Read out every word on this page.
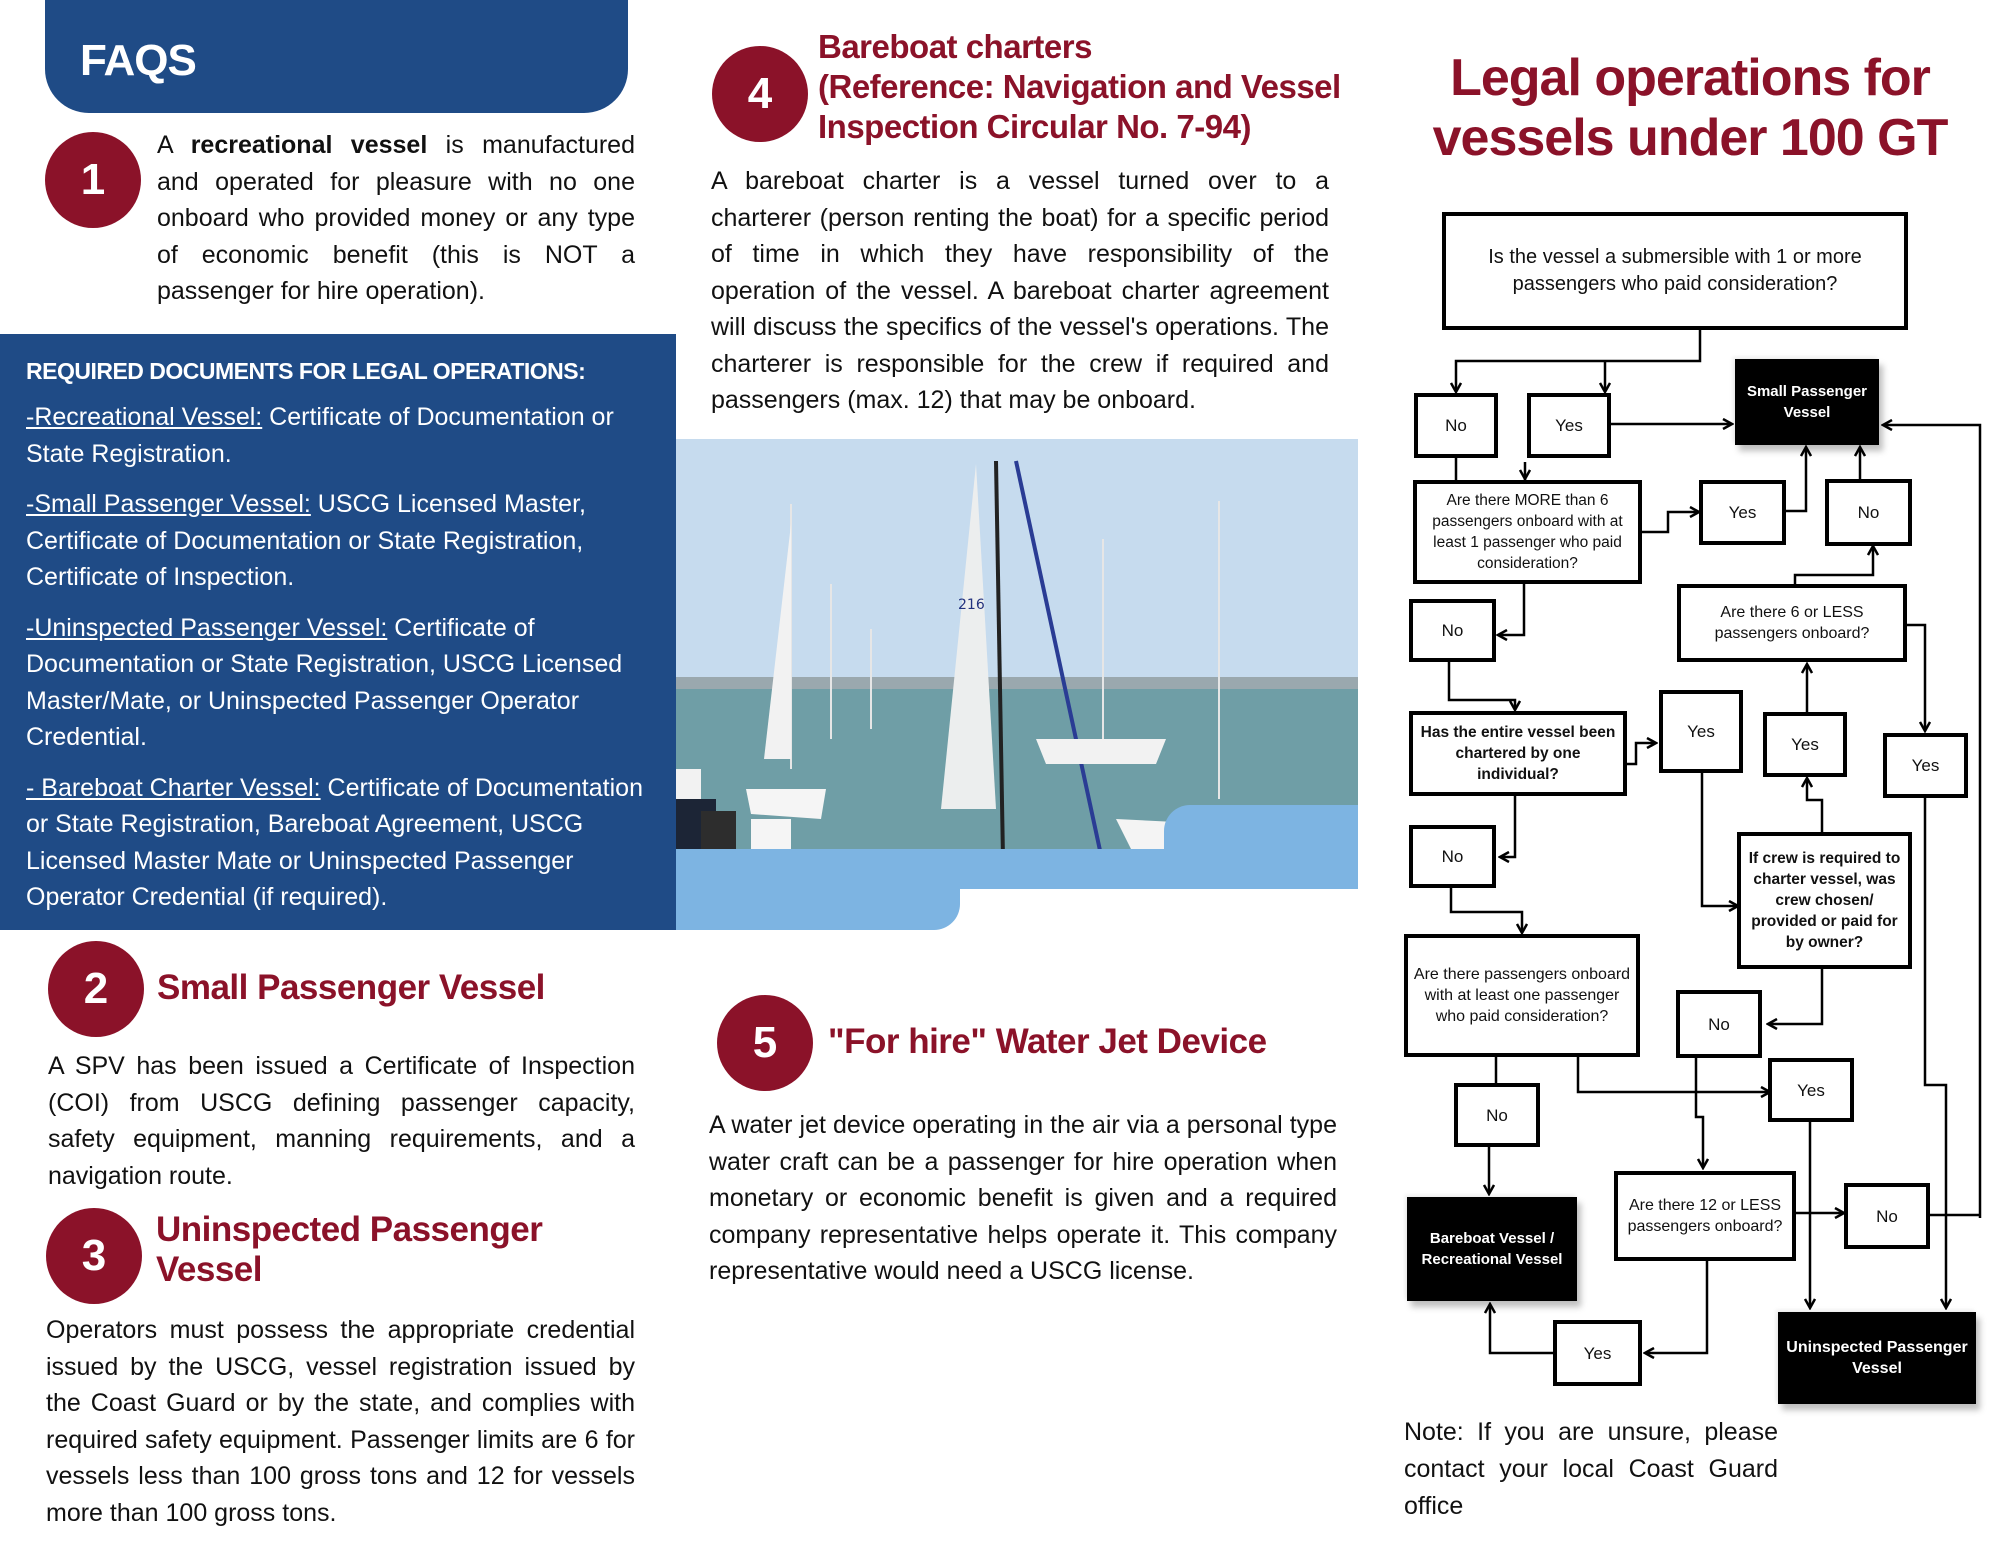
FAQS
1
A recreational vessel is manufactured and operated for pleasure with no one onboard who provided money or any type of economic benefit (this is NOT a passenger for hire operation).
REQUIRED DOCUMENTS FOR LEGAL OPERATIONS:
-Recreational Vessel: Certificate of Documentation or State Registration.
-Small Passenger Vessel: USCG Licensed Master, Certificate of Documentation or State Registration, Certificate of Inspection.
-Uninspected Passenger Vessel: Certificate of Documentation or State Registration, USCG Licensed Master/Mate, or Uninspected Passenger Operator Credential.
- Bareboat Charter Vessel: Certificate of Documentation or State Registration, Bareboat Agreement, USCG Licensed Master Mate or Uninspected Passenger Operator Credential (if required).
2	Small Passenger Vessel
A SPV has been issued a Certificate of Inspection (COI) from USCG defining passenger capacity, safety equipment, manning requirements, and a navigation route.
3
Uninspected Passenger
Vessel
Operators must possess the appropriate credential issued by the USCG, vessel registration issued by the Coast Guard or by the state, and complies with required safety equipment. Passenger limits are 6 for vessels less than 100 gross tons and 12 for vessels more than 100 gross tons.
4
Bareboat charters
(Reference: Navigation and Vessel
Inspection Circular No. 7-94)
A bareboat charter is a vessel turned over to a charterer (person renting the boat) for a specific period of time in which they have responsibility of the operation of the vessel. A bareboat charter agreement will discuss the specifics of the vessel's operations. The charterer is responsible for the crew if required and passengers (max. 12) that may be onboard.
216
5	"For hire" Water Jet Device
A water jet device operating in the air via a personal type water craft can be a passenger for hire operation when monetary or economic benefit is given and a required company representative helps operate it. This company representative would need a USCG license.
Legal operations for
vessels under 100 GT
Is the vessel a submersible with 1 or more passengers who paid consideration?
No	Yes
Small Passenger Vessel
Are there MORE than 6 passengers onboard with at least 1 passenger who paid consideration?
Yes	No
Are there 6 or LESS passengers onboard?
No
Has the entire vessel been chartered by one individual?
Yes
Yes
Yes
No	If crew is required to charter vessel, was crew chosen/ provided or paid for by owner?
Are there passengers onboard with at least one passenger who paid consideration?	No
Yes
No
Are there 12 or LESS passengers onboard?
No
Bareboat Vessel / Recreational Vessel
Yes	Uninspected Passenger Vessel
Note: If you are unsure, please contact your local Coast Guard office
